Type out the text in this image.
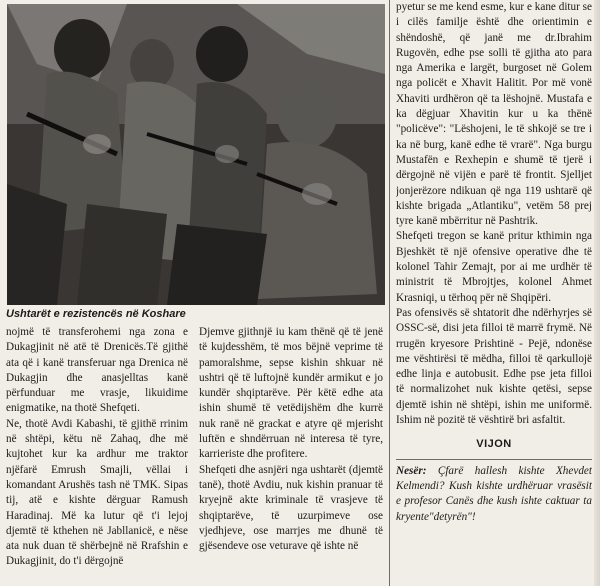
Ushtarët e rezistencës në Koshare

nojmë të transferohemi nga zona e Dukagjinit në atë të Drenicës.Të gjithë ata që i kanë transferuar nga Drenica në Dukagjin dhe anasjelltas kanë përfunduar me vrasje, likuidime enigmatike, na thotë Shefqeti.

Ne, thotë Avdi Kabashi, të gjithë rrinim në shtëpi, këtu në Zahaq, dhe më kujtohet kur ka ardhur me traktor njëfarë Emrush Smajli, vëllai i komandant Arushës tash në TMK. Sipas tij, atë e kishte dërguar Ramush Haradinaj. Më ka lutur që t'i lejoj djemtë të kthehen në Jabllanicë, e nëse ata nuk duan të shërbejnë në Rrafshin e Dukagjinit, do t'i dërgojnë

Djemve gjithnjë iu kam thënë që të jenë të kujdesshëm, të mos bëjnë veprime të pamoralshme, sepse kishin shkuar në ushtri që të luftojnë kundër armikut e jo kundër shqiptarëve. Për këtë edhe ata ishin shumë të vetëdijshëm dhe kurrë nuk ranë në grackat e atyre që mjerisht luftën e shndërruan në interesa të tyre, karrieriste dhe profitere.

Shefqeti dhe asnjëri nga ushtarët (djemtë tanë), thotë Avdiu, nuk kishin pranuar të kryejnë akte kriminale të vrasjeve të shqiptarëve, të uzurpimeve ose vjedhjeve, ose marrjes me dhunë të gjësendeve ose veturave që ishte në

pyetur se me kend esme, kur e kane ditur se i cilës familje është dhe orientimin e shëndoshë, që janë me dr.Ibrahim Rugovën, edhe pse solli të gjitha ato para nga Amerika e largët, burgoset në Golem nga policët e Xhavit Halitit. Por më vonë Xhaviti urdhëron që ta lëshojnë. Mustafa e ka dëgjuar Xhavitin kur u ka thënë "policëve": "Lëshojeni, le të shkojë se tre i ka në burg, kanë edhe të vrarë". Nga burgu Mustafën e Rexhepin e shumë të tjerë i dërgojnë në vijën e parë të frontit. Sjelljet jonjerëzore ndikuan që nga 119 ushtarë që kishte brigada „Atlantiku", vetëm 58 prej tyre kanë mbërritur në Pashtrik.

Shefqeti tregon se kanë pritur kthimin nga Bjeshkët të një ofensive operative dhe të kolonel Tahir Zemajt, por ai me urdhër të ministrit të Mbrojtjes, kolonel Ahmet Krasniqi, u tërhoq për në Shqipëri.

Pas ofensivës së shtatorit dhe ndërhyrjes së OSSC-së, disi jeta filloi të marrë frymë. Në rrugën kryesore Prishtinë - Pejë, ndonëse me vështirësi të mëdha, filloi të qarkullojë edhe linja e autobusit. Edhe pse jeta filloi të normalizohet nuk kishte qetësi, sepse djemtë ishin në shtëpi, ishin me uniformë. Ishim në pozitë të vështirë bri asfaltit.

VIJON

Nesër: Çfarë hallesh kishte Xhevdet Kelmendi? Kush kishte urdhëruar vrasësit e profesor Canës dhe kush ishte caktuar ta kryente"detyrën"!
